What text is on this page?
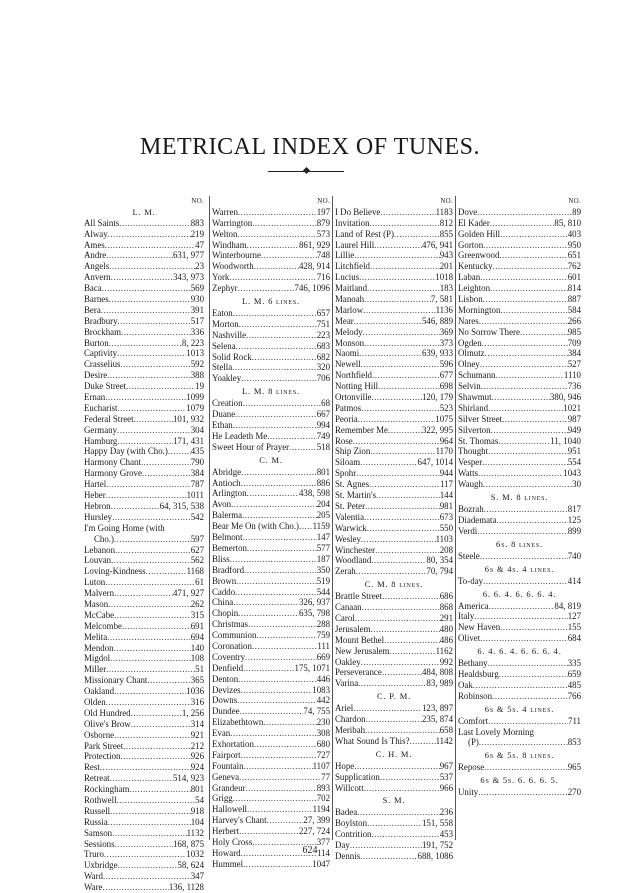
METRICAL INDEX OF TUNES.
NO.
L. M.
All Saints .....	883
Alway .....	219
Ames .....	47
Andre .....	631, 977
Angels .....	23
Anvern .....	343, 973
Baca .....	569
Barnes .....	930
Bera .....	391
Bradbury .....	517
Brockham .....	336
Burton .....	8, 223
Captivity .....	1013
Crasselius .....	592
Desire .....	388
Duke Street .....	19
Ernan .....	1099
Eucharist .....	1079
Federal Street .....	101, 932
Germany .....	304
Hamburg .....	171, 431
Happy Day (with Cho.) .....	435
Harmony Chant .....	790
Harmony Grove .....	384
Hartel .....	787
Heber .....	1011
Hebron .....	64, 315, 538
Hursley .....	542
I'm Going Home (with
Cho.) .....	597
Lebanon .....	627
Louvan .....	562
Loving-Kindness .....	1168
Luton .....	61
Malvern .....	471, 927
Mason .....	262
McCabe .....	315
Melcombe .....	691
Melita .....	694
Mendon .....	140
Migdol .....	108
Miller .....	51
Missionary Chant .....	365
Oakland .....	1036
Olden .....	316
Old Hundred .....	1, 256
Olive's Brow .....	314
Osborne .....	921
Park Street .....	212
Protection .....	926
Rest .....	924
Retreat .....	514, 923
Rockingham .....	801
Rothwell .....	54
Russell .....	918
Russia .....	104
Samson .....	1132
Sessions .....	168, 875
Truro .....	1032
Uxbridge .....	58, 624
Ward .....	347
Ware .....	136, 1128
NO.
Warren .....	197
Warrington .....	879
Welton .....	573
Windham .....	861, 929
Winterbourne .....	748
Woodworth .....	428, 914
York .....	716
Zephyr .....	746, 1096
L. M. 6 lines.
Eaton .....	657
Morton .....	751
Nashville .....	223
Selena .....	683
Solid Rock .....	682
Stella .....	320
Yoakley .....	706
L. M. 8 lines.
Creation .....	68
Duane .....	667
Ethan .....	994
He Leadeth Me .....	749
Sweet Hour of Prayer .....	518
C. M.
Abridge .....	801
Antioch .....	886
Arlington .....	438, 598
Avon .....	204
Balerma .....	205
Bear Me On (with Cho.) ..... 1159
Belmont .....	147
Bemerton .....	577
Bliss .....	187
Bradford .....	350
Brown .....	519
Caddo .....	544
China .....	326, 937
Chopin .....	635, 798
Christmas .....	288
Communion .....	759
Coronation .....	111
Coventry .....	669
Denfield .....	175, 1071
Denton .....	446
Devizes .....	1083
Downs .....	442
Dundee .....	74, 755
Elizabethtown .....	230
Evan .....	308
Exhortation .....	680
Fairport .....	727
Fountain .....	1107
Geneva .....	77
Grandeur .....	893
Grigg .....	702
Hallowell .....	1194
Harvey's Chant .....	27, 399
Herbert .....	227, 724
Holy Cross .....	377
Howard .....	114
Hummel .....	1047
NO.
I Do Believe .....	1183
Invitation .....	812
Land of Rest (P) .....	855
Laurel Hill .....	476, 941
Lillie .....	943
Litchfield .....	201
Lucius .....	1018
Maitland .....	183
Manoah .....	7, 581
Marlow .....	1136
Mear .....	546, 889
Melody .....	369
Monson .....	373
Naomi .....	639, 933
Newell .....	596
Northfield .....	677
Notting Hill .....	698
Ortonville .....	120, 179
Patmos .....	523
Peoria .....	1075
Remember Me .....	322, 995
Rose .....	964
Ship Zion .....	1170
Siloam .....	647, 1014
Spohr .....	944
St. Agnes .....	117
St. Martin's .....	144
St. Peter .....	981
Valentia .....	673
Warwick .....	550
Wesley .....	1103
Winchester .....	208
Woodland .....	80, 354
Zerah .....	70, 794
C. M. 8 lines.
Brattle Street .....	686
Canaan .....	868
Carol .....	291
Jerusalem .....	480
Mount Bethel .....	486
New Jerusalem .....	1162
Oakley .....	992
Perseverance .....	484, 808
Varina .....	83, 989
C. P. M.
Ariel .....	123, 897
Chardon .....	235, 874
Meribah .....	658
What Sound Is This? .....	1142
C. H. M.
Hope .....	967
Supplication .....	537
Willcott .....	966
S. M.
Badea .....	236
Boylston .....	151, 558
Contrition .....	453
Day .....	191, 752
Dennis .....	688, 1086
NO.
Dove .....	89
El Kader .....	85, 810
Golden Hill .....	403
Gorton .....	950
Greenwood .....	651
Kentucky .....	762
Laban .....	601
Leighton .....	814
Lisbon .....	887
Mornington .....	584
Nares .....	266
No Sorrow There .....	985
Ogden .....	709
Olmutz .....	384
Olney .....	527
Schumann .....	1110
Selvin .....	736
Shawmut .....	380, 946
Shirland .....	1021
Silver Street .....	987
Silverton .....	949
St. Thomas .....	11, 1040
Thought .....	951
Vesper .....	554
Watts .....	1043
Waugh .....	30
S. M. 8 lines.
Bozrah .....	817
Diademata .....	125
Verdi .....	899
6s. 8 lines.
Steele .....	740
6s & 4s. 4 lines.
To-day .....	414
6. 6. 4. 6. 6. 6. 4.
America .....	84, 819
Italy .....	127
New Haven .....	155
Olivet .....	684
6. 4. 6. 4. 6. 6. 6. 4.
Bethany .....	335
Healdsburg .....	659
Oak .....	485
Robinson .....	766
6s & 5s. 4 lines.
Comfort .....	711
Last Lovely Morning
(P) .....	853
6s & 5s. 8 lines.
Repose .....	965
6s & 5s. 6. 6. 6. 5.
Unity .....	270
624
